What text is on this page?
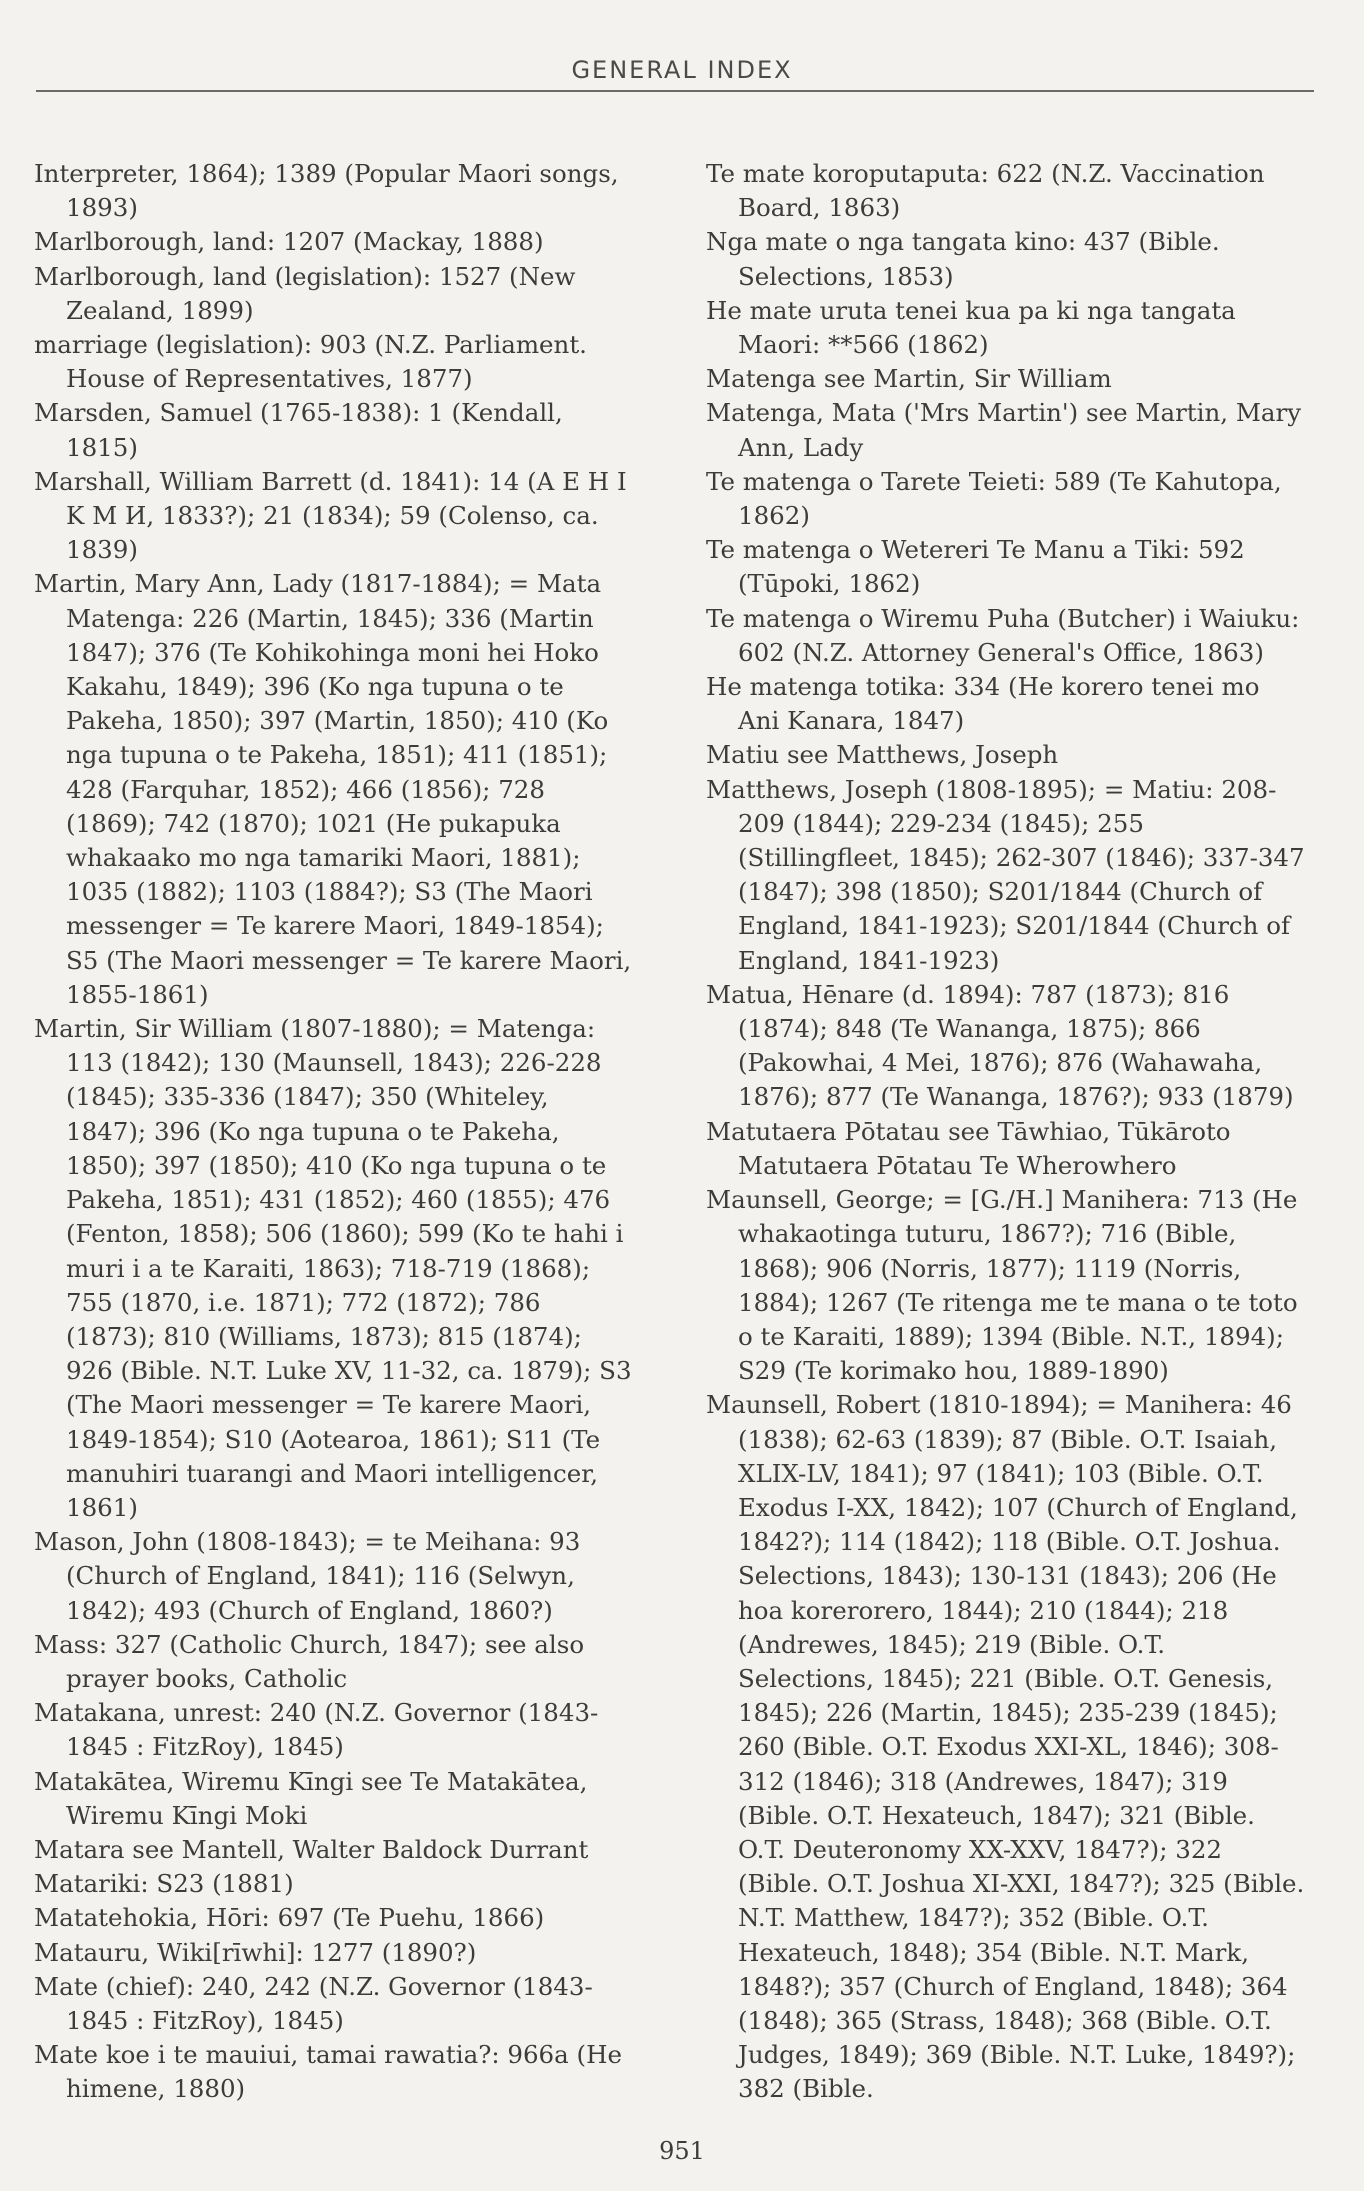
GENERAL INDEX

Interpreter, 1864); 1389 (Popular Maori songs, 1893)

Marlborough, land: 1207 (Mackay, 1888)

Marlborough, land (legislation): 1527 (New Zealand, 1899)

marriage (legislation): 903 (N.Z. Parliament. House of Representatives, 1877)

Marsden, Samuel (1765-1838): 1 (Kendall, 1815)

Marshall, William Barrett (d. 1841): 14 (A E H I K M И, 1833?); 21 (1834); 59 (Colenso, ca. 1839)

Martin, Mary Ann, Lady (1817-1884); = Mata Matenga: 226 (Martin, 1845); 336 (Martin 1847); 376 (Te Kohikohinga moni hei Hoko Kakahu, 1849); 396 (Ko nga tupuna o te Pakeha, 1850); 397 (Martin, 1850); 410 (Ko nga tupuna o te Pakeha, 1851); 411 (1851); 428 (Farquhar, 1852); 466 (1856); 728 (1869); 742 (1870); 1021 (He pukapuka whakaako mo nga tamariki Maori, 1881); 1035 (1882); 1103 (1884?); S3 (The Maori messenger = Te karere Maori, 1849-1854); S5 (The Maori messenger = Te karere Maori, 1855-1861)

Martin, Sir William (1807-1880); = Matenga: 113 (1842); 130 (Maunsell, 1843); 226-228 (1845); 335-336 (1847); 350 (Whiteley, 1847); 396 (Ko nga tupuna o te Pakeha, 1850); 397 (1850); 410 (Ko nga tupuna o te Pakeha, 1851); 431 (1852); 460 (1855); 476 (Fenton, 1858); 506 (1860); 599 (Ko te hahi i muri i a te Karaiti, 1863); 718-719 (1868); 755 (1870, i.e. 1871); 772 (1872); 786 (1873); 810 (Williams, 1873); 815 (1874); 926 (Bible. N.T. Luke XV, 11-32, ca. 1879); S3 (The Maori messenger = Te karere Maori, 1849-1854); S10 (Aotearoa, 1861); S11 (Te manuhiri tuarangi and Maori intelligencer, 1861)

Mason, John (1808-1843); = te Meihana: 93 (Church of England, 1841); 116 (Selwyn, 1842); 493 (Church of England, 1860?)

Mass: 327 (Catholic Church, 1847); see also prayer books, Catholic

Matakana, unrest: 240 (N.Z. Governor (1843-1845 : FitzRoy), 1845)

Matakātea, Wiremu Kīngi see Te Matakātea, Wiremu Kīngi Moki

Matara see Mantell, Walter Baldock Durrant

Matariki: S23 (1881)

Matatehokia, Hōri: 697 (Te Puehu, 1866)

Matauru, Wiki[rīwhi]: 1277 (1890?)

Mate (chief): 240, 242 (N.Z. Governor (1843-1845 : FitzRoy), 1845)

Mate koe i te mauiui, tamai rawatia?: 966a (He himene, 1880)

Te mate koroputaputa: 622 (N.Z. Vaccination Board, 1863)

Nga mate o nga tangata kino: 437 (Bible. Selections, 1853)

He mate uruta tenei kua pa ki nga tangata Maori: **566 (1862)

Matenga see Martin, Sir William

Matenga, Mata ('Mrs Martin') see Martin, Mary Ann, Lady

Te matenga o Tarete Teieti: 589 (Te Kahutopa, 1862)

Te matenga o Wetereri Te Manu a Tiki: 592 (Tūpoki, 1862)

Te matenga o Wiremu Puha (Butcher) i Waiuku: 602 (N.Z. Attorney General's Office, 1863)

He matenga totika: 334 (He korero tenei mo Ani Kanara, 1847)

Matiu see Matthews, Joseph

Matthews, Joseph (1808-1895); = Matiu: 208-209 (1844); 229-234 (1845); 255 (Stillingfleet, 1845); 262-307 (1846); 337-347 (1847); 398 (1850); S201/1844 (Church of England, 1841-1923); S201/1844 (Church of England, 1841-1923)

Matua, Hēnare (d. 1894): 787 (1873); 816 (1874); 848 (Te Wananga, 1875); 866 (Pakowhai, 4 Mei, 1876); 876 (Wahawaha, 1876); 877 (Te Wananga, 1876?); 933 (1879)

Matutaera Pōtatau see Tāwhiao, Tūkāroto Matutaera Pōtatau Te Wherowhero

Maunsell, George; = [G./H.] Manihera: 713 (He whakaotinga tuturu, 1867?); 716 (Bible, 1868); 906 (Norris, 1877); 1119 (Norris, 1884); 1267 (Te ritenga me te mana o te toto o te Karaiti, 1889); 1394 (Bible. N.T., 1894); S29 (Te korimako hou, 1889-1890)

Maunsell, Robert (1810-1894); = Manihera: 46 (1838); 62-63 (1839); 87 (Bible. O.T. Isaiah, XLIX-LV, 1841); 97 (1841); 103 (Bible. O.T. Exodus I-XX, 1842); 107 (Church of England, 1842?); 114 (1842); 118 (Bible. O.T. Joshua. Selections, 1843); 130-131 (1843); 206 (He hoa korerorero, 1844); 210 (1844); 218 (Andrewes, 1845); 219 (Bible. O.T. Selections, 1845); 221 (Bible. O.T. Genesis, 1845); 226 (Martin, 1845); 235-239 (1845); 260 (Bible. O.T. Exodus XXI-XL, 1846); 308-312 (1846); 318 (Andrewes, 1847); 319 (Bible. O.T. Hexateuch, 1847); 321 (Bible. O.T. Deuteronomy XX-XXV, 1847?); 322 (Bible. O.T. Joshua XI-XXI, 1847?); 325 (Bible. N.T. Matthew, 1847?); 352 (Bible. O.T. Hexateuch, 1848); 354 (Bible. N.T. Mark, 1848?); 357 (Church of England, 1848); 364 (1848); 365 (Strass, 1848); 368 (Bible. O.T. Judges, 1849); 369 (Bible. N.T. Luke, 1849?); 382 (Bible.

951
